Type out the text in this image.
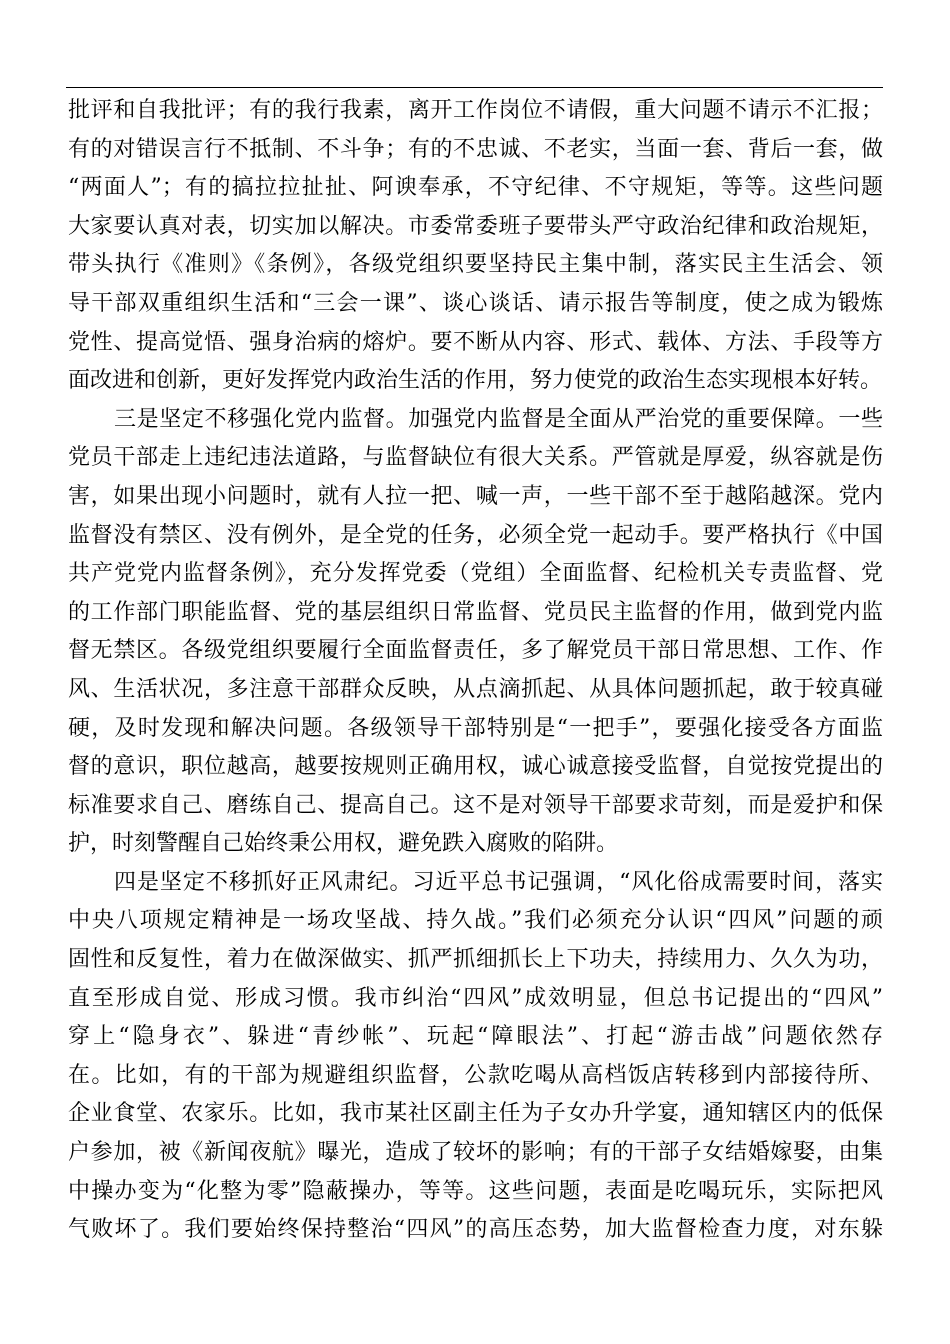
批评和自我批评；有的我行我素，离开工作岗位不请假，重大问题不请示不汇报；
有的对错误言行不抵制、不斗争；有的不忠诚、不老实，当面一套、背后一套，做
“两面人”；有的搞拉拉扯扯、阿谀奉承，不守纪律、不守规矩，等等。这些问题
大家要认真对表，切实加以解决。市委常委班子要带头严守政治纪律和政治规矩，
带头执行《准则》《条例》，各级党组织要坚持民主集中制，落实民主生活会、领
导干部双重组织生活和“三会一课”、谈心谈话、请示报告等制度，使之成为锻炼
党性、提高觉悟、强身治病的熔炉。要不断从内容、形式、载体、方法、手段等方
面改进和创新，更好发挥党内政治生活的作用，努力使党的政治生态实现根本好转。
三是坚定不移强化党内监督。加强党内监督是全面从严治党的重要保障。一些
党员干部走上违纪违法道路，与监督缺位有很大关系。严管就是厚爱，纵容就是伤
害，如果出现小问题时，就有人拉一把、喊一声，一些干部不至于越陷越深。党内
监督没有禁区、没有例外，是全党的任务，必须全党一起动手。要严格执行《中国
共产党党内监督条例》，充分发挥党委（党组）全面监督、纪检机关专责监督、党
的工作部门职能监督、党的基层组织日常监督、党员民主监督的作用，做到党内监
督无禁区。各级党组织要履行全面监督责任，多了解党员干部日常思想、工作、作
风、生活状况，多注意干部群众反映，从点滴抓起、从具体问题抓起，敢于较真碰
硬，及时发现和解决问题。各级领导干部特别是“一把手”，要强化接受各方面监
督的意识，职位越高，越要按规则正确用权，诚心诚意接受监督，自觉按党提出的
标准要求自己、磨练自己、提高自己。这不是对领导干部要求苛刻，而是爱护和保
护，时刻警醒自己始终秉公用权，避免跌入腐败的陷阱。
四是坚定不移抓好正风肃纪。习近平总书记强调，“风化俗成需要时间，落实
中央八项规定精神是一场攻坚战、持久战。”我们必须充分认识“四风”问题的顽
固性和反复性，着力在做深做实、抓严抓细抓长上下功夫，持续用力、久久为功，
直至形成自觉、形成习惯。我市纠治“四风”成效明显，但总书记提出的“四风”
穿上“隐身衣”、躲进“青纱帐”、玩起“障眼法”、打起“游击战”问题依然存
在。比如，有的干部为规避组织监督，公款吃喝从高档饭店转移到内部接待所、
企业食堂、农家乐。比如，我市某社区副主任为子女办升学宴，通知辖区内的低保
户参加，被《新闻夜航》曝光，造成了较坏的影响；有的干部子女结婚嫁娶，由集
中操办变为“化整为零”隐蔽操办，等等。这些问题，表面是吃喝玩乐，实际把风
气败坏了。我们要始终保持整治“四风”的高压态势，加大监督检查力度，对东躲
